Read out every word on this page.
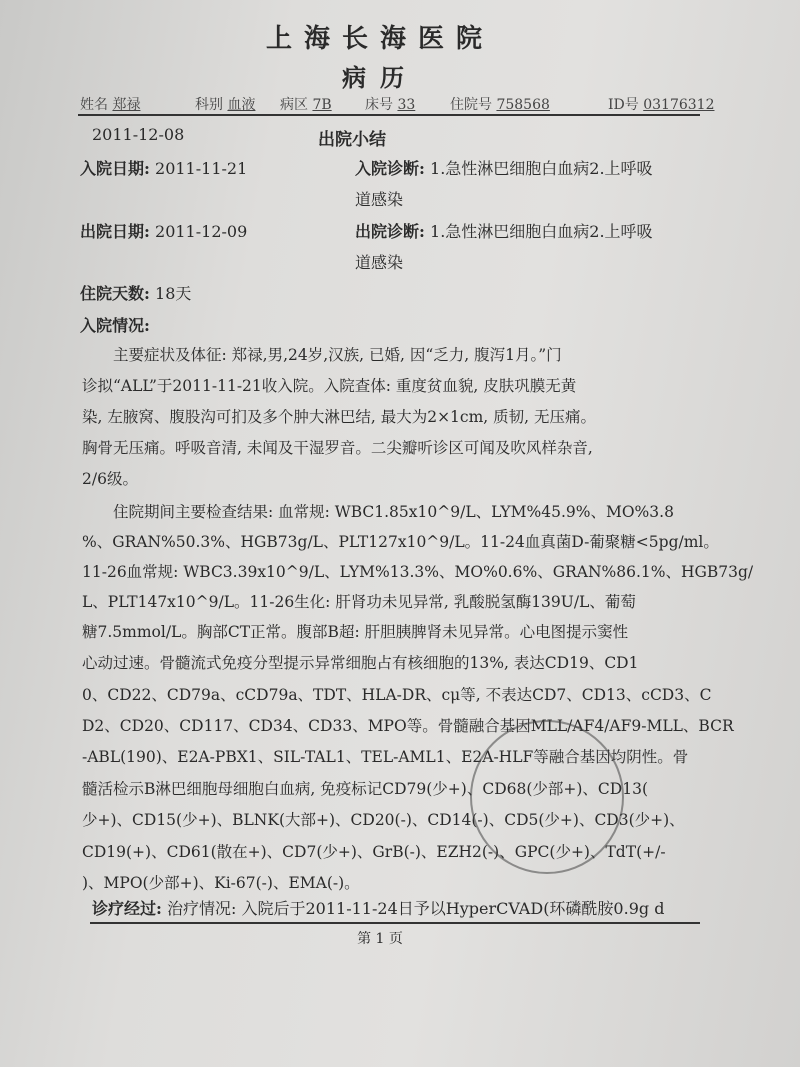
上海长海医院
病历
姓名 郑禄	科别 血液 病区 7B 床号 33 住院号 758568	ID号 03176312
2011-12-08	出院小结
入院日期: 2011-11-21	入院诊断: 1.急性淋巴细胞白血病2.上呼吸
道感染
出院日期: 2011-12-09	出院诊断: 1.急性淋巴细胞白血病2.上呼吸
道感染
住院天数: 18天
入院情况:
　　主要症状及体征: 郑禄,男,24岁,汉族, 已婚, 因“乏力, 腹泻1月。”门
诊拟“ALL”于2011-11-21收入院。入院查体: 重度贫血貌, 皮肤巩膜无黄
染, 左腋窝、腹股沟可扪及多个肿大淋巴结, 最大为2×1cm, 质韧, 无压痛。
胸骨无压痛。呼吸音清, 未闻及干湿罗音。二尖瓣听诊区可闻及吹风样杂音,
2/6级。
　　住院期间主要检查结果: 血常规: WBC1.85x10^9/L、LYM%45.9%、MO%3.8
%、GRAN%50.3%、HGB73g/L、PLT127x10^9/L。11-24血真菌D-葡聚糖<5pg/ml。
11-26血常规: WBC3.39x10^9/L、LYM%13.3%、MO%0.6%、GRAN%86.1%、HGB73g/
L、PLT147x10^9/L。11-26生化: 肝肾功未见异常, 乳酸脱氢酶139U/L、葡萄
糖7.5mmol/L。胸部CT正常。腹部B超: 肝胆胰脾肾未见异常。心电图提示窦性
心动过速。骨髓流式免疫分型提示异常细胞占有核细胞的13%, 表达CD19、CD1
0、CD22、CD79a、cCD79a、TDT、HLA-DR、cμ等, 不表达CD7、CD13、cCD3、C
D2、CD20、CD117、CD34、CD33、MPO等。骨髓融合基因MLL/AF4/AF9-MLL、BCR
-ABL(190)、E2A-PBX1、SIL-TAL1、TEL-AML1、E2A-HLF等融合基因均阴性。骨
髓活检示B淋巴细胞母细胞白血病, 免疫标记CD79(少+)、CD68(少部+)、CD13(
少+)、CD15(少+)、BLNK(大部+)、CD20(-)、CD14(-)、CD5(少+)、CD3(少+)、
CD19(+)、CD61(散在+)、CD7(少+)、GrB(-)、EZH2(-)、GPC(少+)、TdT(+/-
)、MPO(少部+)、Ki-67(-)、EMA(-)。
诊疗经过: 治疗情况: 入院后于2011-11-24日予以HyperCVAD(环磷酰胺0.9g d
第 1 页
